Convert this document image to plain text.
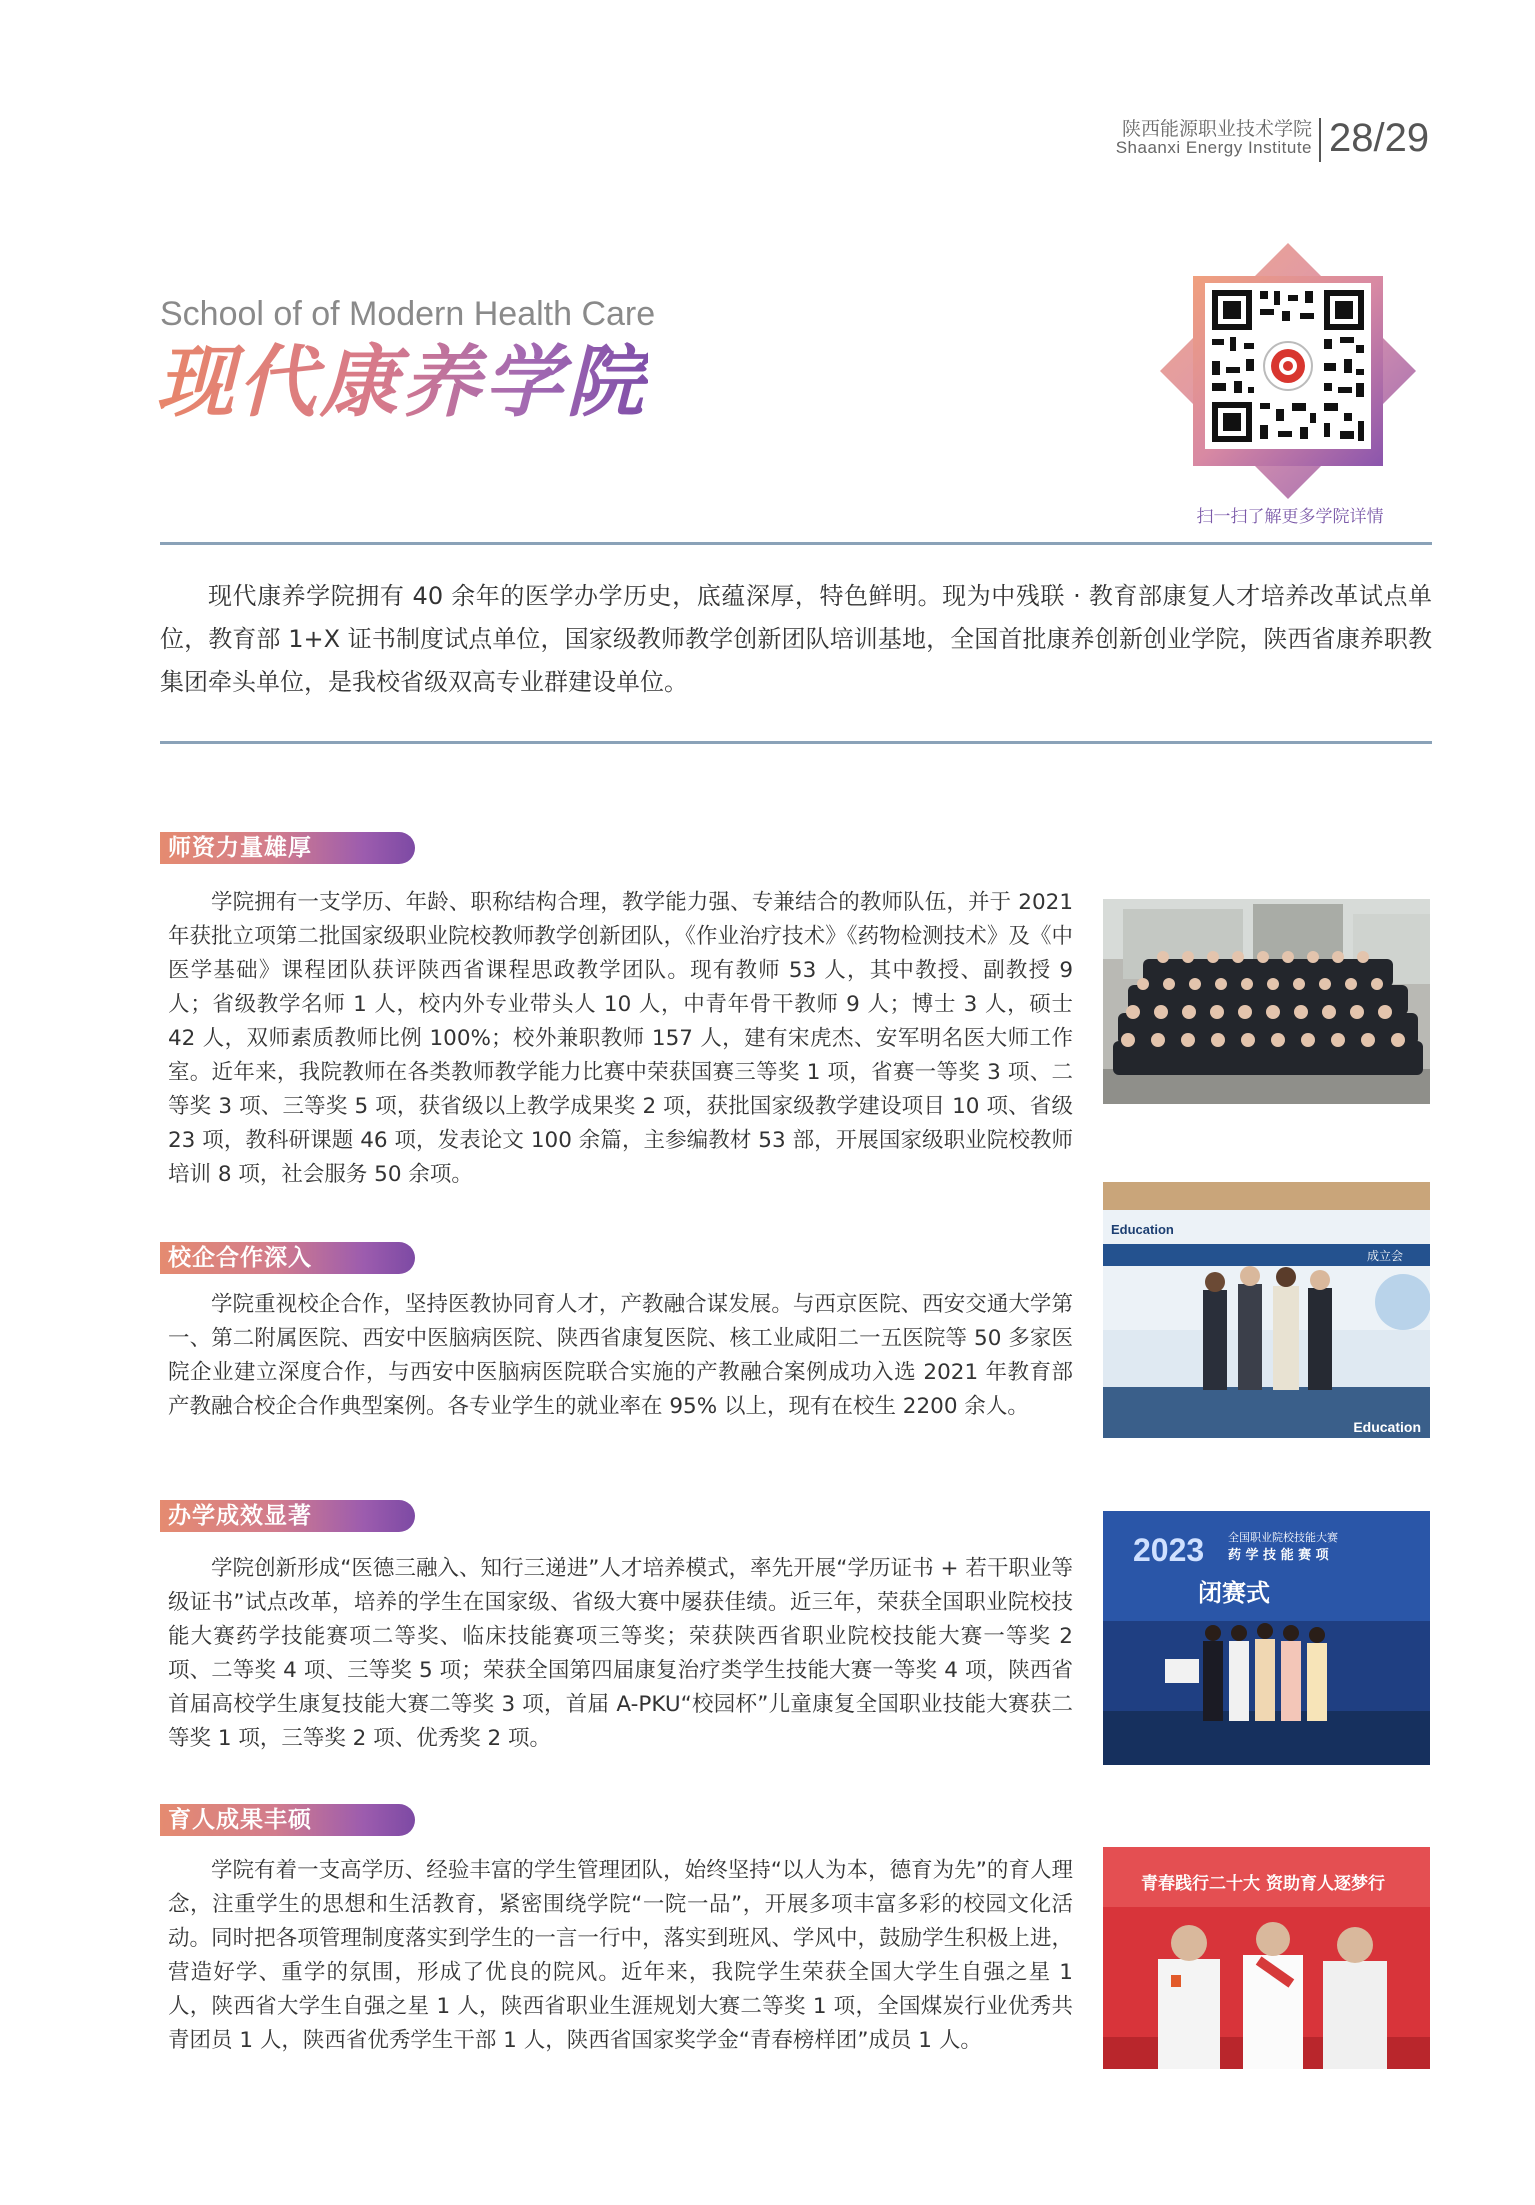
陕西能源职业技术学院
Shaanxi Energy Institute 28/29
School of of Modern Health Care
现代康养学院
扫一扫了解更多学院详情

现代康养学院拥有 40 余年的医学办学历史，底蕴深厚，特色鲜明。现为中残联 · 教育部康复人才培养改革试点单位，教育部 1+X 证书制度试点单位，国家级教师教学创新团队培训基地，全国首批康养创新创业学院，陕西省康养职教集团牵头单位，是我校省级双高专业群建设单位。

师资力量雄厚

学院拥有一支学历、年龄、职称结构合理，教学能力强、专兼结合的教师队伍，并于 2021 年获批立项第二批国家级职业院校教师教学创新团队，《作业治疗技术》《药物检测技术》及《中医学基础》课程团队获评陕西省课程思政教学团队。现有教师 53 人，其中教授、副教授 9 人；省级教学名师 1 人，校内外专业带头人 10 人，中青年骨干教师 9 人；博士 3 人，硕士 42 人，双师素质教师比例 100%；校外兼职教师 157 人，建有宋虎杰、安军明名医大师工作室。近年来，我院教师在各类教师教学能力比赛中荣获国赛三等奖 1 项，省赛一等奖 3 项、二等奖 3 项、三等奖 5 项，获省级以上教学成果奖 2 项，获批国家级教学建设项目 10 项、省级 23 项，教科研课题 46 项，发表论文 100 余篇，主参编教材 53 部，开展国家级职业院校教师培训 8 项，社会服务 50 余项。

校企合作深入

学院重视校企合作，坚持医教协同育人才，产教融合谋发展。与西京医院、西安交通大学第一、第二附属医院、西安中医脑病医院、陕西省康复医院、核工业咸阳二一五医院等 50 多家医院企业建立深度合作，与西安中医脑病医院联合实施的产教融合案例成功入选 2021 年教育部产教融合校企合作典型案例。各专业学生的就业率在 95% 以上，现有在校生 2200 余人。

办学成效显著

学院创新形成“医德三融入、知行三递进”人才培养模式，率先开展“学历证书 + 若干职业等级证书”试点改革，培养的学生在国家级、省级大赛中屡获佳绩。近三年，荣获全国职业院校技能大赛药学技能赛项二等奖、临床技能赛项三等奖；荣获陕西省职业院校技能大赛一等奖 2 项、二等奖 4 项、三等奖 5 项；荣获全国第四届康复治疗类学生技能大赛一等奖 4 项，陕西省首届高校学生康复技能大赛二等奖 3 项，首届 A-PKU“校园杯”儿童康复全国职业技能大赛获二等奖 1 项，三等奖 2 项、优秀奖 2 项。

育人成果丰硕

学院有着一支高学历、经验丰富的学生管理团队，始终坚持“以人为本，德育为先”的育人理念，注重学生的思想和生活教育，紧密围绕学院“一院一品”，开展多项丰富多彩的校园文化活动。同时把各项管理制度落实到学生的一言一行中，落实到班风、学风中，鼓励学生积极上进，营造好学、重学的氛围，形成了优良的院风。近年来，我院学生荣获全国大学生自强之星 1 人，陕西省大学生自强之星 1 人，陕西省职业生涯规划大赛二等奖 1 项，全国煤炭行业优秀共青团员 1 人，陕西省优秀学生干部 1 人，陕西省国家奖学金“青春榜样团”成员 1 人。

Education
成立会
Education
2023 全国职业院校技能大赛
药 学 技 能 赛 项
闭赛式
青春践行二十大 资助育人逐梦行
